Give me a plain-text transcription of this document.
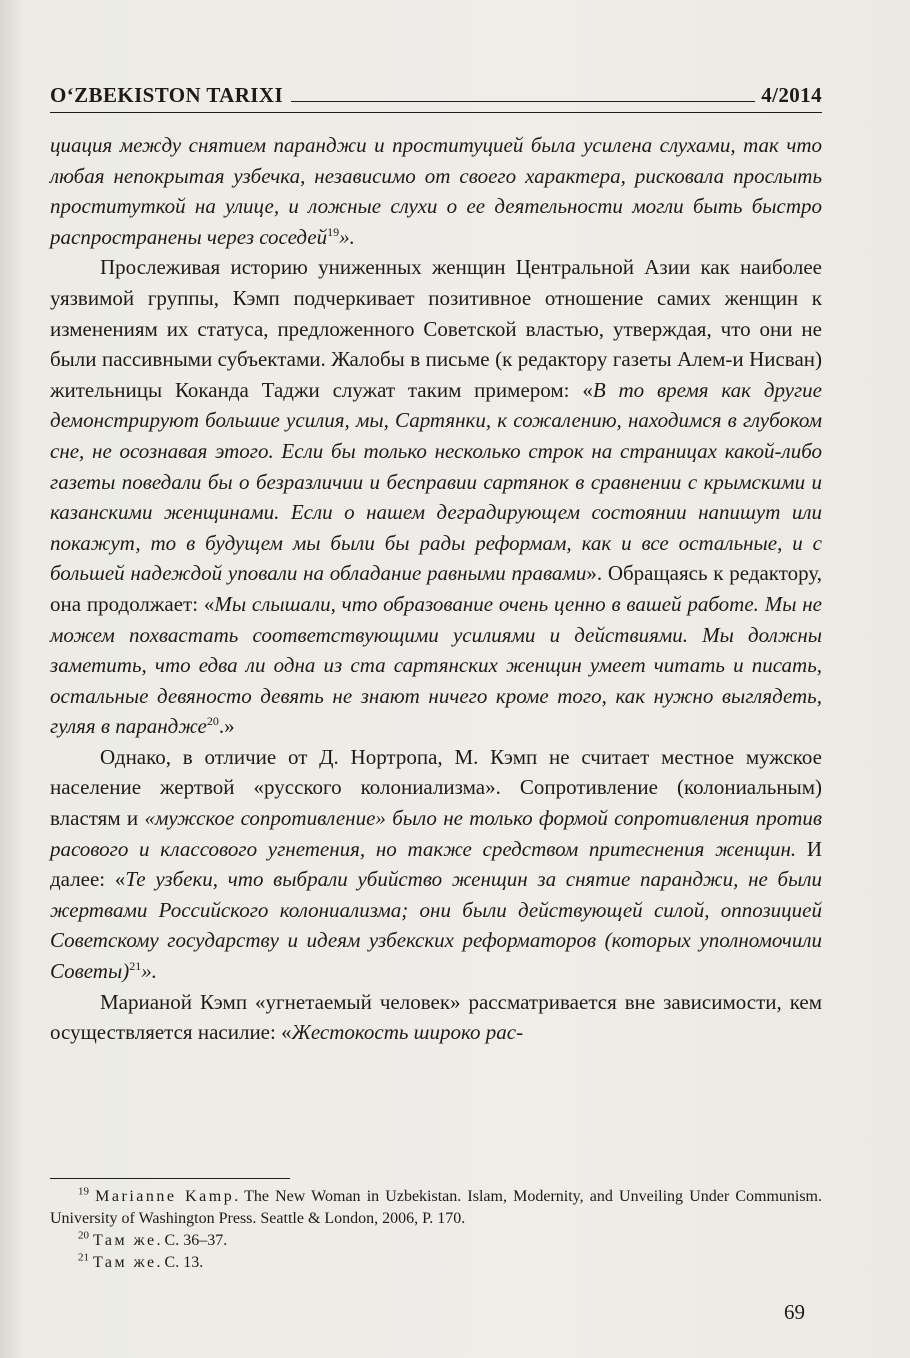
O‘ZBEKISTON TARIXI	4/2014

циация между снятием паранджи и проституцией была усилена слухами, так что любая непокрытая узбечка, независимо от своего характера, рисковала прослыть проституткой на улице, и ложные слухи о ее деятельности могли быть быстро распространены через соседей$^{19}$».

Прослеживая историю униженных женщин Центральной Азии как наиболее уязвимой группы, Кэмп подчеркивает позитивное отношение самих женщин к изменениям их статуса, предложенного Советской властью, утверждая, что они не были пассивными субъектами. Жалобы в письме (к редактору газеты Алем-и Нисван) жительницы Коканда Таджи служат таким примером: «В то время как другие демонстрируют большие усилия, мы, Сартянки, к сожалению, находимся в глубоком сне, не осознавая этого. Если бы только несколько строк на страницах какой-либо газеты поведали бы о безразличии и бесправии сартянок в сравнении с крымскими и казанскими женщинами. Если о нашем деградирующем состоянии напишут или покажут, то в будущем мы были бы рады реформам, как и все остальные, и с большей надеждой уповали на обладание равными правами». Обращаясь к редактору, она продолжает: «Мы слышали, что образование очень ценно в вашей работе. Мы не можем похвастать соответствующими усилиями и действиями. Мы должны заметить, что едва ли одна из ста сартянских женщин умеет читать и писать, остальные девяносто девять не знают ничего кроме того, как нужно выглядеть, гуляя в парандже$^{20}$.»

Однако, в отличие от Д. Нортропа, М. Кэмп не считает местное мужское население жертвой «русского колониализма». Сопротивление (колониальным) властям и «мужское сопротивление» было не только формой сопротивления против расового и классового угнетения, но также средством притеснения женщин. И далее: «Те узбеки, что выбрали убийство женщин за снятие паранджи, не были жертвами Российского колониализма; они были действующей силой, оппозицией Советскому государству и идеям узбекских реформаторов (которых уполномочили Советы)$^{21}$».

Марианой Кэмп «угнетаемый человек» рассматривается вне зависимости, кем осуществляется насилие: «Жестокость широко рас-

$^{19}$ Marianne Kamp. The New Woman in Uzbekistan. Islam, Modernity, and Unveiling Under Communism. University of Washington Press. Seattle & London, 2006, P. 170.

$^{20}$ Там же. С. 36–37.

$^{21}$ Там же. С. 13.

69
